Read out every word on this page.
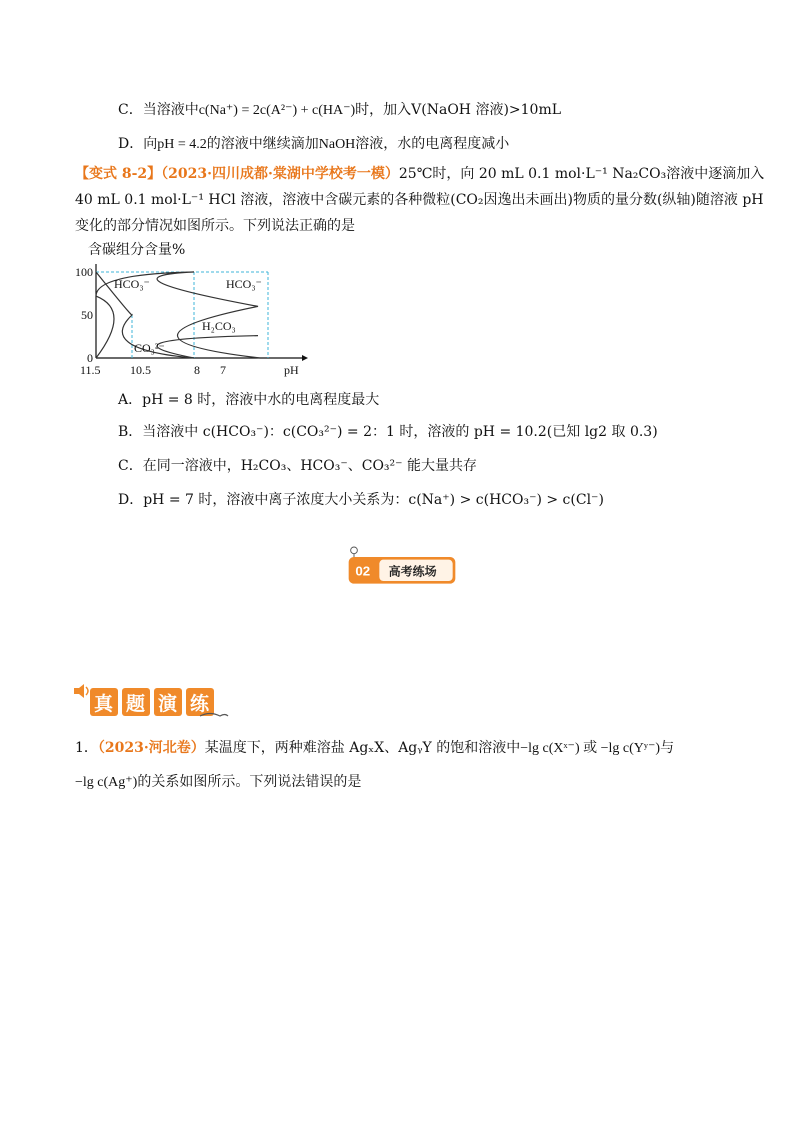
C．当溶液中c(Na⁺) = 2c(A²⁻) + c(HA⁻)时，加入V(NaOH 溶液)>10mL
D．向pH = 4.2的溶液中继续滴加NaOH溶液，水的电离程度减小
【变式 8-2】（2023·四川成都·棠湖中学校考一模）25℃时，向 20 mL 0.1 mol·L⁻¹ Na₂CO₃溶液中逐滴加入
40 mL 0.1 mol·L⁻¹ HCl 溶液，溶液中含碳元素的各种微粒(CO₂因逸出未画出)物质的量分数(纵轴)随溶液 pH
变化的部分情况如图所示。下列说法正确的是
含碳组分含量%
100
50
0
11.5 10.5	8 7	pH
HCO₃⁻	HCO₃⁻
CO₃²⁻
H₂CO₃
A．pH = 8 时，溶液中水的电离程度最大
B．当溶液中 c(HCO₃⁻)：c(CO₃²⁻) = 2：1 时，溶液的 pH = 10.2(已知 lg2 取 0.3)
C．在同一溶液中，H₂CO₃、HCO₃⁻、CO₃²⁻ 能大量共存
D．pH = 7 时，溶液中离子浓度大小关系为：c(Na⁺) > c(HCO₃⁻) > c(Cl⁻)
02 高考练场
真 题 演 练
1．（2023·河北卷）某温度下，两种难溶盐 AgₓX、AgᵧY 的饱和溶液中−lg c(Xˣ⁻) 或 −lg c(Yʸ⁻)与
−lg c(Ag⁺)的关系如图所示。下列说法错误的是
